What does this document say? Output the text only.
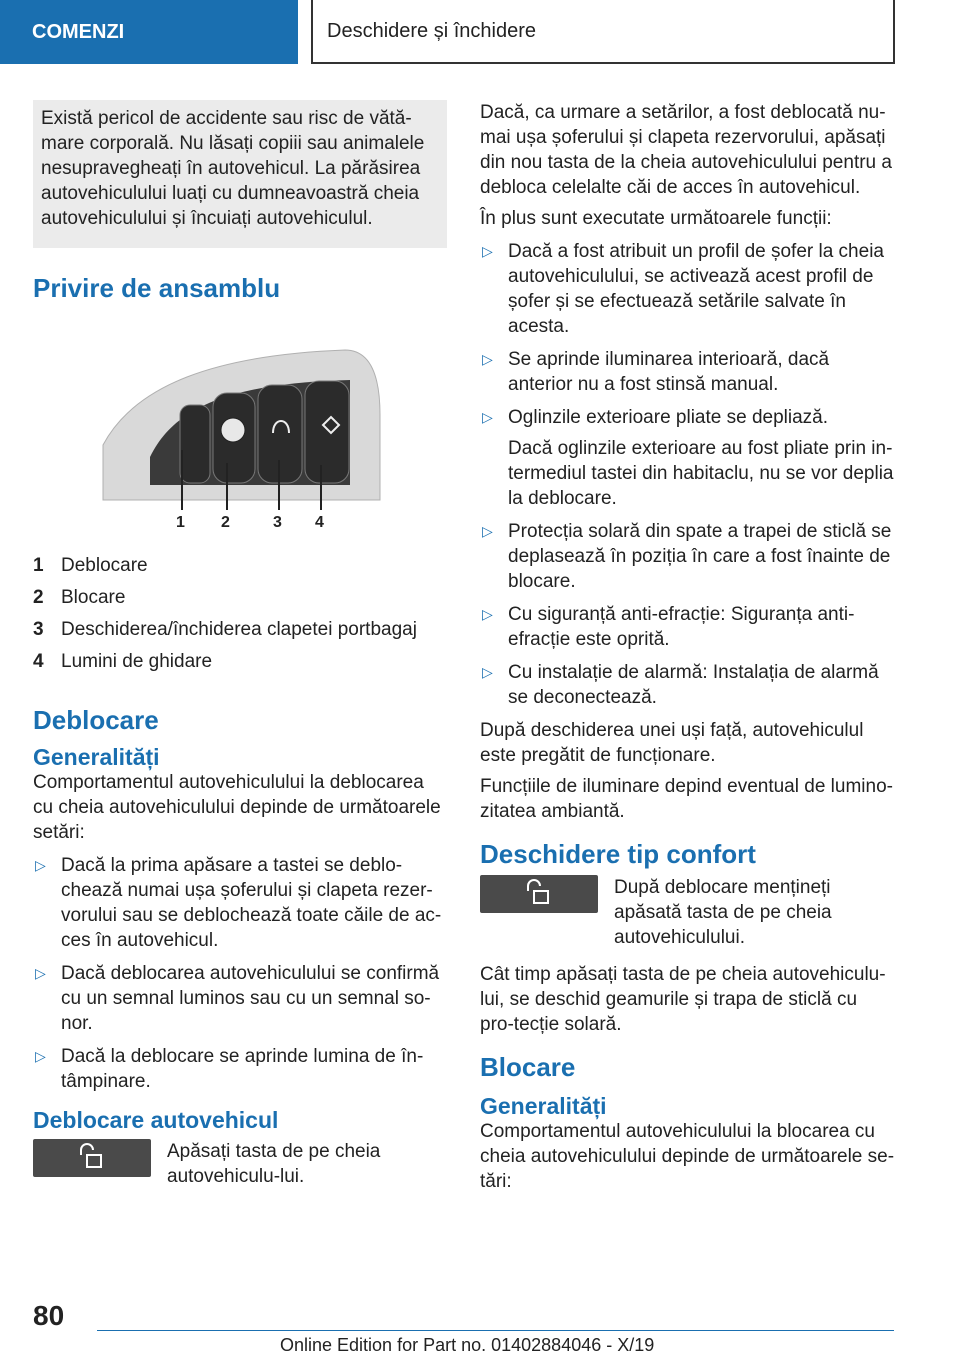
COMENZI	Deschidere și închidere

Există pericol de accidente sau risc de vătă-mare corporală. Nu lăsați copiii sau animalele nesupravegheați în autovehicul. La părăsirea autovehiculului luați cu dumneavoastră cheia autovehiculului și încuiați autovehiculul.

Privire de ansamblu
1 2	3 4
1 Deblocare
2 Blocare
3 Deschiderea/închiderea clapetei portbagaj
4 Lumini de ghidare
Deblocare
Generalități

Comportamentul autovehiculului la deblocarea cu cheia autovehiculului depinde de următoarele setări:

▷ Dacă la prima apăsare a tastei se deblo-chează numai ușa șoferului și clapeta rezer-vorului sau se deblochează toate căile de ac-ces în autovehicul.
▷ Dacă deblocarea autovehiculului se confirmă cu un semnal luminos sau cu un semnal so-nor.
▷ Dacă la deblocare se aprinde lumina de în-tâmpinare.
Deblocare autovehicul

Apăsați tasta de pe cheia autovehiculu-lui.

Dacă, ca urmare a setărilor, a fost deblocată nu-mai ușa șoferului și clapeta rezervorului, apăsați din nou tasta de la cheia autovehiculului pentru a debloca celelalte căi de acces în autovehicul.

În plus sunt executate următoarele funcții:

▷ Dacă a fost atribuit un profil de șofer la cheia autovehiculului, se activează acest profil de șofer și se efectuează setările salvate în acesta.
▷ Se aprinde iluminarea interioară, dacă anterior nu a fost stinsă manual.
▷ Oglinzile exterioare pliate se depliază.

Dacă oglinzile exterioare au fost pliate prin in-termediul tastei din habitaclu, nu se vor deplia la deblocare.

▷ Protecția solară din spate a trapei de sticlă se deplasează în poziția în care a fost înainte de blocare.
▷ Cu siguranță anti-efracție: Siguranța anti-efracție este oprită.
▷ Cu instalație de alarmă: Instalația de alarmă se deconectează.

După deschiderea unei uși față, autovehiculul este pregătit de funcționare.

Funcțiile de iluminare depind eventual de lumino-zitatea ambiantă.

Deschidere tip confort

După deblocare mențineți apăsată tasta de pe cheia autovehiculului.

Cât timp apăsați tasta de pe cheia autovehiculu-lui, se deschid geamurile și trapa de sticlă cu pro-tecție solară.

Blocare
Generalități

Comportamentul autovehiculului la blocarea cu cheia autovehiculului depinde de următoarele se-tări:

80
Online Edition for Part no. 01402884046 - X/19
